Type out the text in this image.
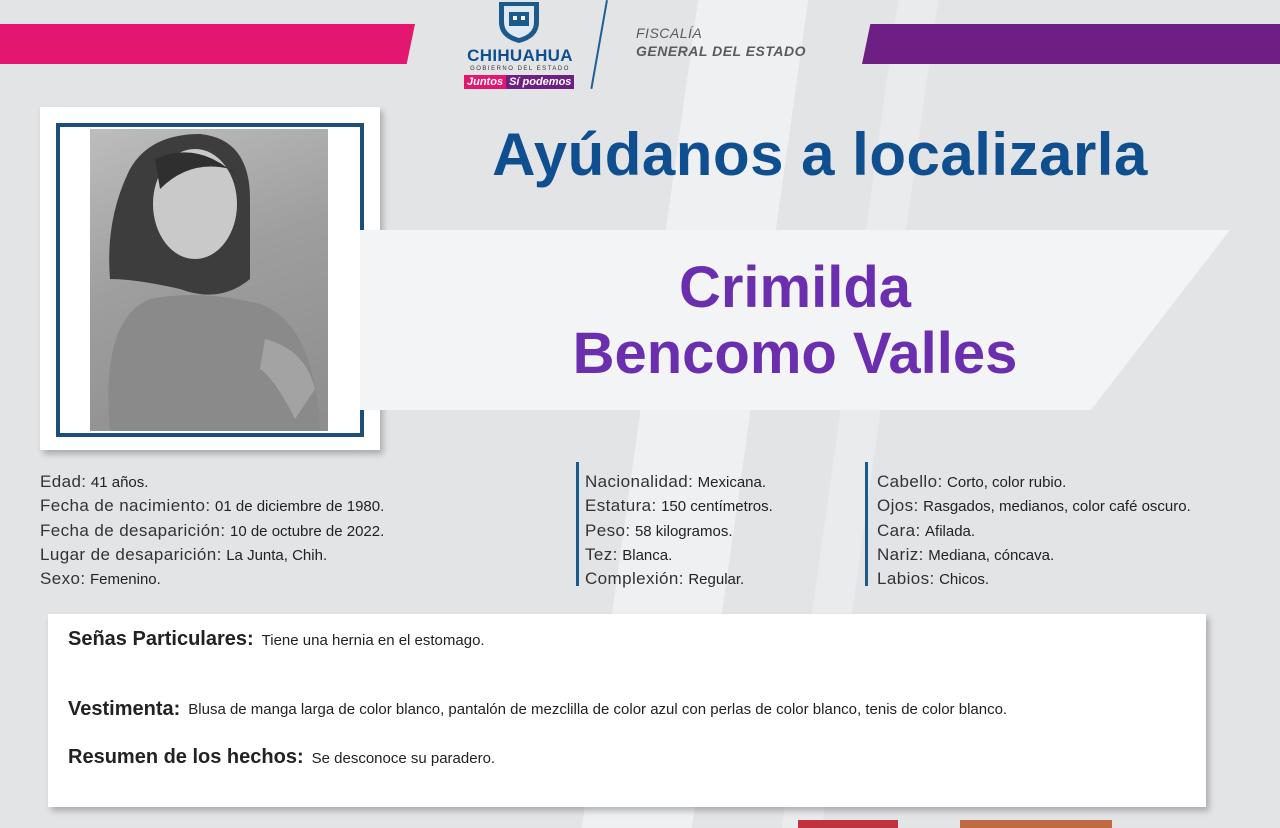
CHIHUAHUA
GOBIERNO DEL ESTADO
Juntos Sí podemos
FISCALÍA
GENERAL DEL ESTADO
Ayúdanos a localizarla
Crimilda
Bencomo Valles
Edad: 41 años.
Fecha de nacimiento: 01 de diciembre de 1980.
Fecha de desaparición: 10 de octubre de 2022.
Lugar de desaparición: La Junta, Chih.
Sexo: Femenino.
Nacionalidad: Mexicana.
Estatura: 150 centímetros.
Peso: 58 kilogramos.
Tez: Blanca.
Complexión: Regular.
Cabello: Corto, color rubio.
Ojos: Rasgados, medianos, color café oscuro.
Cara: Afilada.
Nariz: Mediana, cóncava.
Labios: Chicos.
Señas Particulares: Tiene una hernia en el estomago.
Vestimenta: Blusa de manga larga de color blanco, pantalón de mezclilla de color azul con perlas de color blanco, tenis de color blanco.
Resumen de los hechos: Se desconoce su paradero.
